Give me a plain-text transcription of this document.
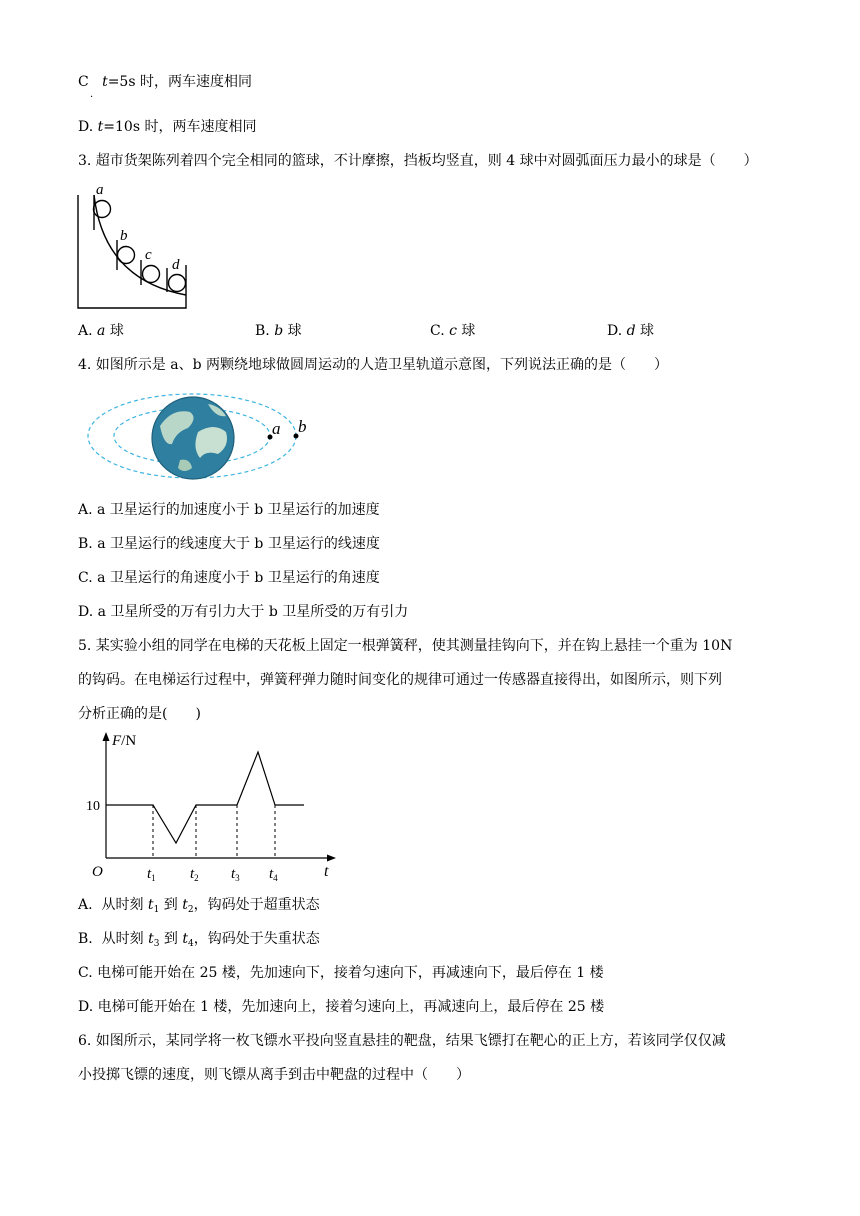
C   t=5s 时，两车速度相同
·
D. t=10s 时，两车速度相同
3. 超市货架陈列着四个完全相同的篮球，不计摩擦，挡板均竖直，则 4 球中对圆弧面压力最小的球是（　　）
a
b
c
d
A. a 球	B. b 球	C. c 球	D. d 球
4. 如图所示是 a、b 两颗绕地球做圆周运动的人造卫星轨道示意图，下列说法正确的是（　　）
a b
A. a 卫星运行的加速度小于 b 卫星运行的加速度
B. a 卫星运行的线速度大于 b 卫星运行的线速度
C. a 卫星运行的角速度小于 b 卫星运行的角速度
D. a 卫星所受的万有引力大于 b 卫星所受的万有引力
5. 某实验小组的同学在电梯的天花板上固定一根弹簧秤，使其测量挂钩向下，并在钩上悬挂一个重为 10N
的钩码。在电梯运行过程中，弹簧秤弹力随时间变化的规律可通过一传感器直接得出，如图所示，则下列
分析正确的是(　　)
F/N
t
O
10
$t_1$ $t_2$ $t_3$ $t_4$
A.  从时刻 $t_1$ 到 $t_2$，钩码处于超重状态
B.  从时刻 $t_3$ 到 $t_4$，钩码处于失重状态
C. 电梯可能开始在 25 楼，先加速向下，接着匀速向下，再减速向下，最后停在 1 楼
D. 电梯可能开始在 1 楼，先加速向上，接着匀速向上，再减速向上，最后停在 25 楼
6. 如图所示，某同学将一枚飞镖水平投向竖直悬挂的靶盘，结果飞镖打在靶心的正上方，若该同学仅仅减
小投掷飞镖的速度，则飞镖从离手到击中靶盘的过程中（　　）
